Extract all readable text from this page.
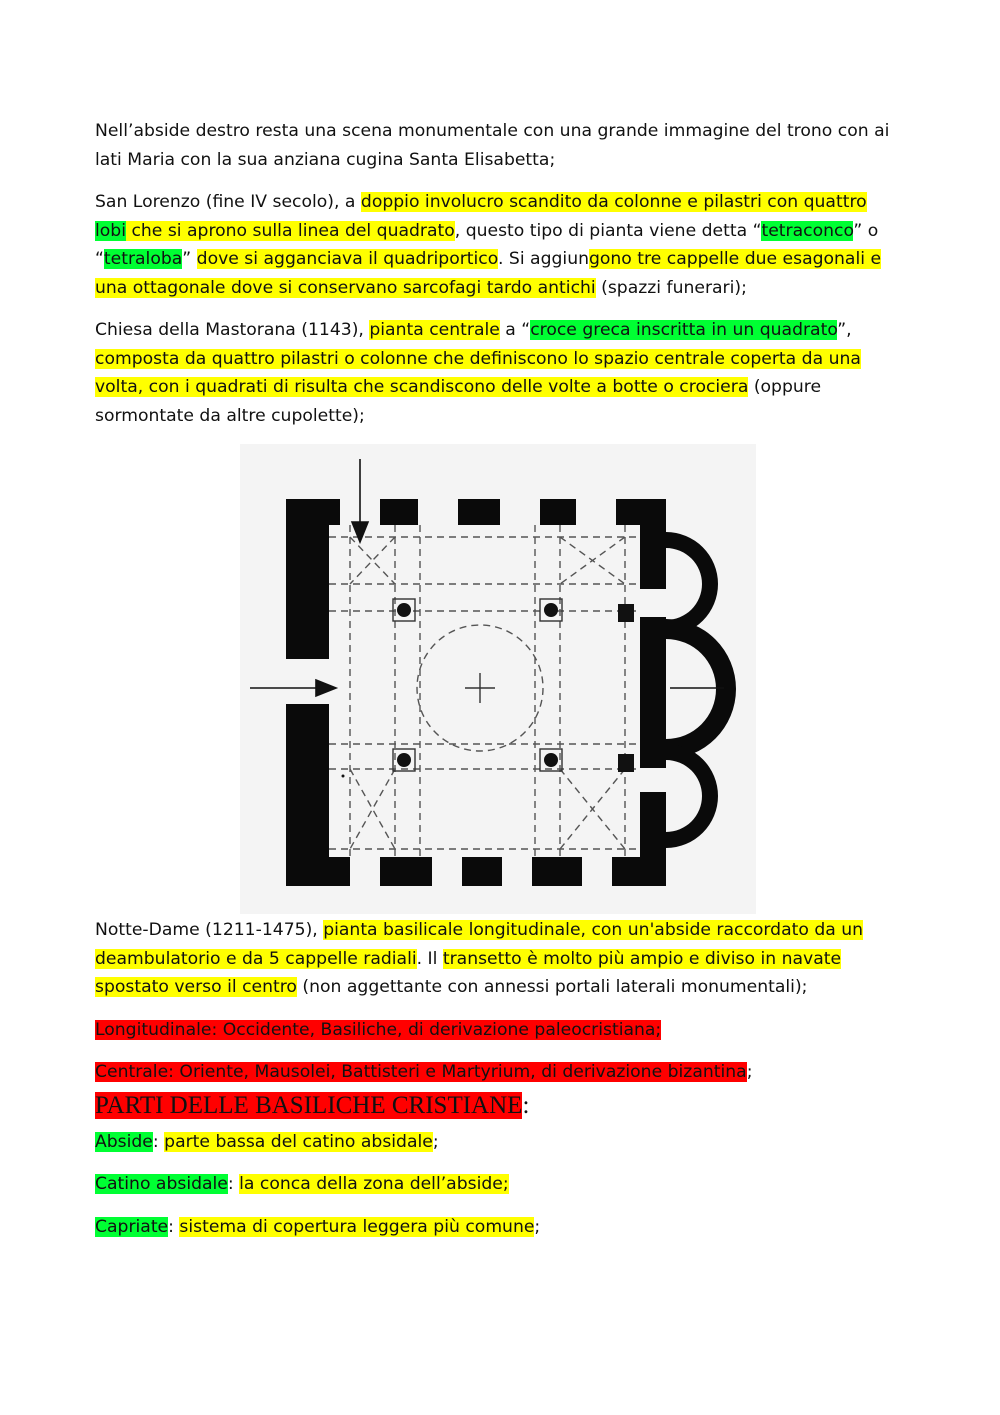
Nell’abside destro resta una scena monumentale con una grande immagine del trono con ai lati Maria con la sua anziana cugina Santa Elisabetta;

San Lorenzo (fine IV secolo), a doppio involucro scandito da colonne e pilastri con quattro lobi che si aprono sulla linea del quadrato, questo tipo di pianta viene detta “tetraconco” o “tetraloba” dove si agganciava il quadriportico. Si aggiungono tre cappelle due esagonali e una ottagonale dove si conservano sarcofagi tardo antichi (spazzi funerari);

Chiesa della Mastorana (1143), pianta centrale a “croce greca inscritta in un quadrato”, composta da quattro pilastri o colonne che definiscono lo spazio centrale coperta da una volta, con i quadrati di risulta che scandiscono delle volte a botte o crociera (oppure sormontate da altre cupolette);

Notte-Dame (1211-1475), pianta basilicale longitudinale, con un'abside raccordato da un deambulatorio e da 5 cappelle radiali. Il transetto è molto più ampio e diviso in navate spostato verso il centro (non aggettante con annessi portali laterali monumentali);

Longitudinale: Occidente, Basiliche, di derivazione paleocristiana;

Centrale: Oriente, Mausolei, Battisteri e Martyrium, di derivazione bizantina;

PARTI DELLE BASILICHE CRISTIANE:

Abside: parte bassa del catino absidale;

Catino absidale: la conca della zona dell’abside;

Capriate: sistema di copertura leggera più comune;
